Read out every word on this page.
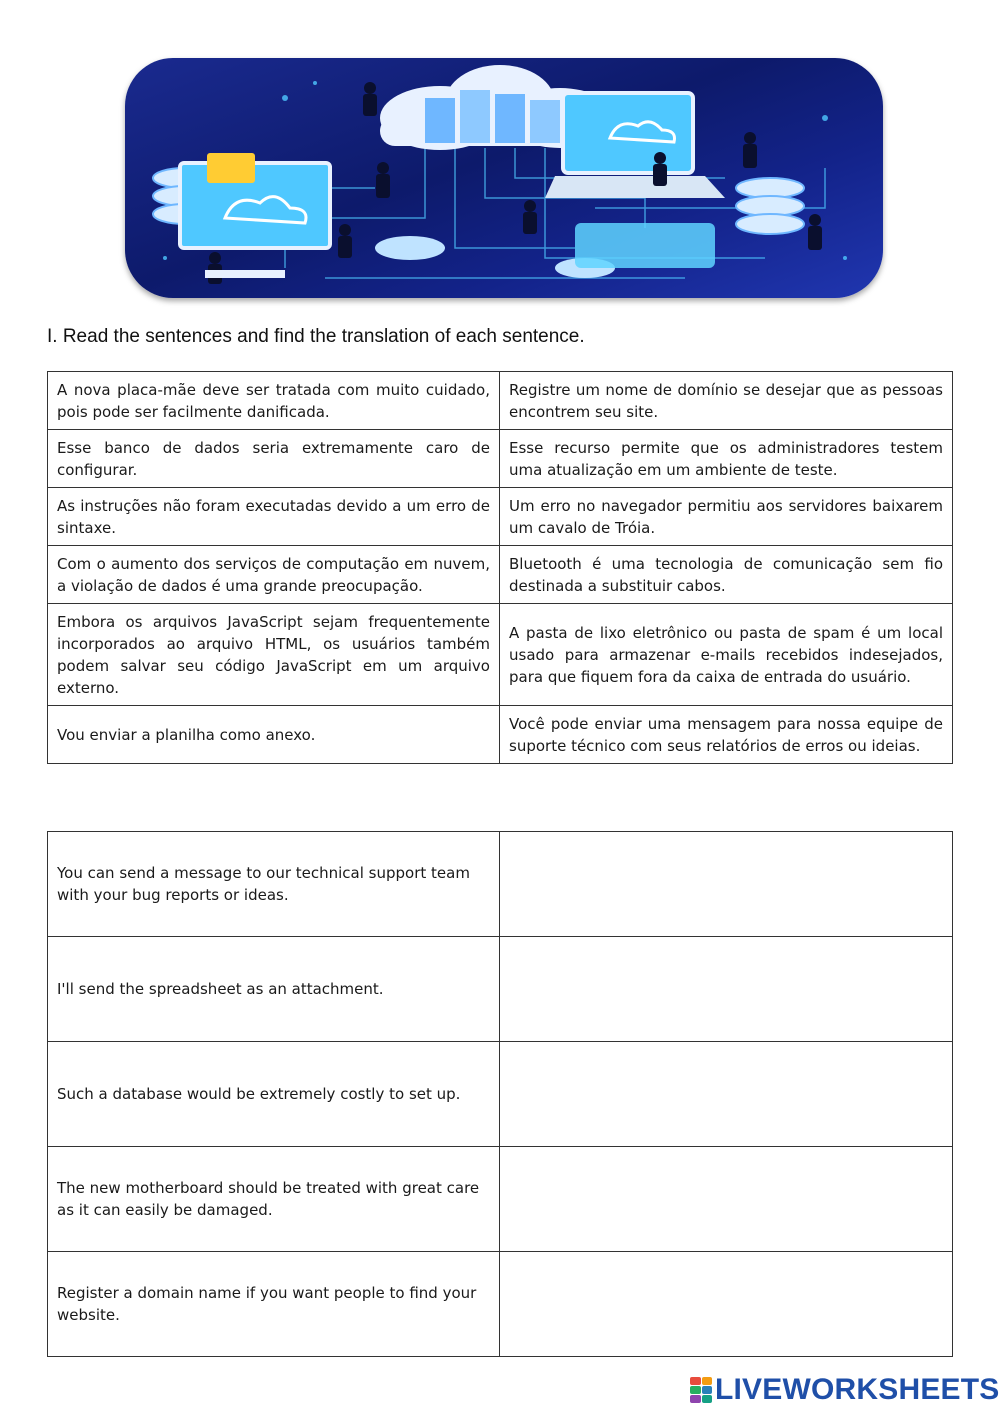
I. Read the sentences and find the translation of each sentence.
A nova placa-mãe deve ser tratada com muito cuidado, pois pode ser facilmente danificada.	Registre um nome de domínio se desejar que as pessoas encontrem seu site.
Esse banco de dados seria extremamente caro de configurar.	Esse recurso permite que os administradores testem uma atualização em um ambiente de teste.
As instruções não foram executadas devido a um erro de sintaxe.	Um erro no navegador permitiu aos servidores baixarem um cavalo de Tróia.
Com o aumento dos serviços de computação em nuvem, a violação de dados é uma grande preocupação.	Bluetooth é uma tecnologia de comunicação sem fio destinada a substituir cabos.
Embora os arquivos JavaScript sejam frequentemente incorporados ao arquivo HTML, os usuários também podem salvar seu código JavaScript em um arquivo externo.	A pasta de lixo eletrônico ou pasta de spam é um local usado para armazenar e-mails recebidos indesejados, para que fiquem fora da caixa de entrada do usuário.
Vou enviar a planilha como anexo.	Você pode enviar uma mensagem para nossa equipe de suporte técnico com seus relatórios de erros ou ideias.
You can send a message to our technical support team with your bug reports or ideas.	
I'll send the spreadsheet as an attachment.	
Such a database would be extremely costly to set up.	
The new motherboard should be treated with great care as it can easily be damaged.	
Register a domain name if you want people to find your website.	
LIVEWORKSHEETS
